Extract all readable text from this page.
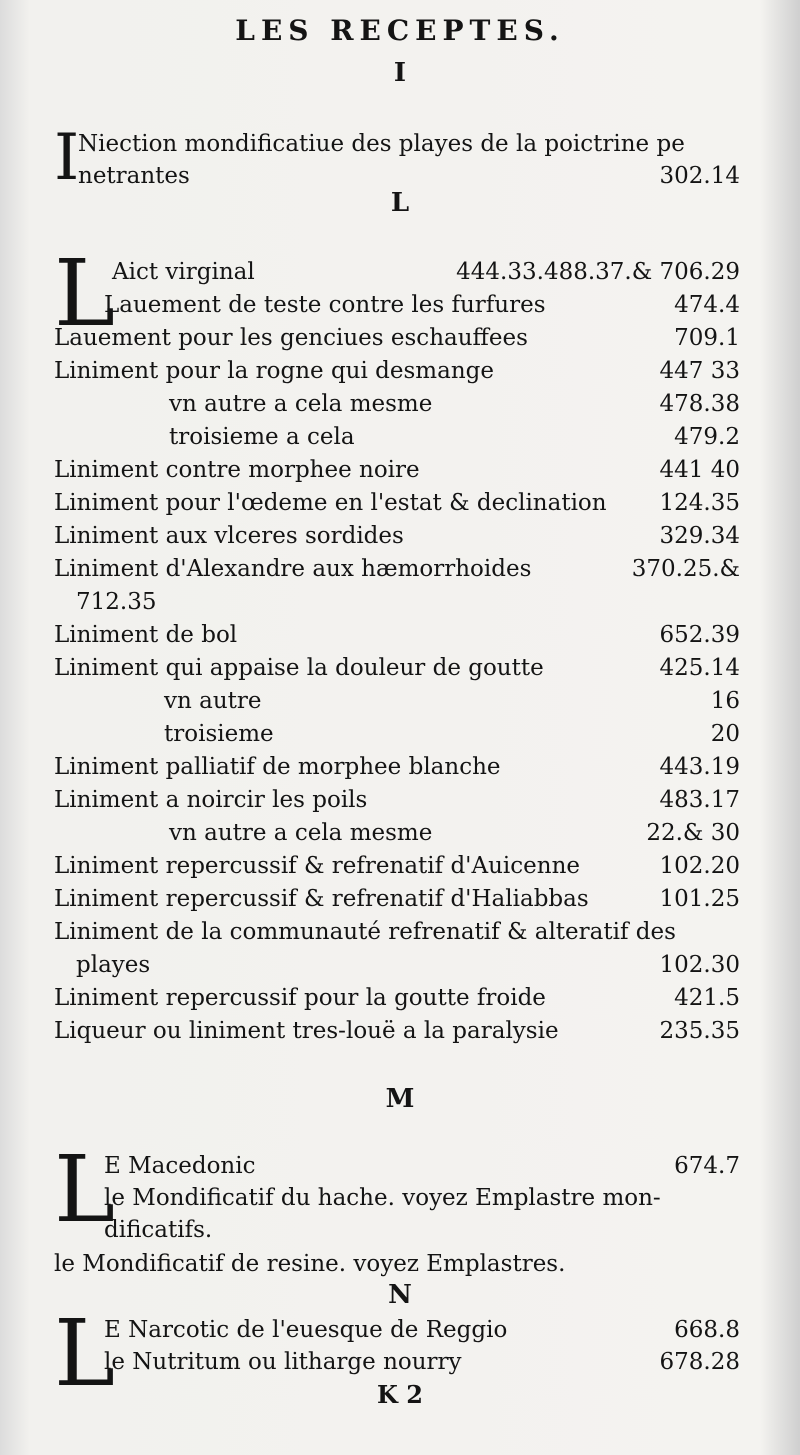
LES RECEPTES.
I
I
Niection mondificatiue des playes de la poictrine pe
netrantes	302.14
L
L
Aict virginal	444.33.488.37.& 706.29
Lauement de teste contre les furfures	474.4
Lauement pour les genciues eschauffees	709.1
Liniment pour la rogne qui desmange	447 33
vn autre a cela mesme	478.38
troisieme a cela	479.2
Liniment contre morphee noire	441 40
Liniment pour l'œdeme en l'estat & declination 124.35
Liniment aux vlceres sordides	329.34
Liniment d'Alexandre aux hæmorrhoides	370.25.&
712.35
Liniment de bol	652.39
Liniment qui appaise la douleur de goutte	425.14
vn autre	16
troisieme	20
Liniment palliatif de morphee blanche	443.19
Liniment a noircir les poils	483.17
vn autre a cela mesme	22.& 30
Liniment repercussif & refrenatif d'Auicenne	102.20
Liniment repercussif & refrenatif d'Haliabbas	101.25
Liniment de la communauté refrenatif & alteratif des
playes	102.30
Liniment repercussif pour la goutte froide	421.5
Liqueur ou liniment tres-louë a la paralysie	235.35
M
L
E Macedonic	674.7
le Mondificatif du hache. voyez Emplastre mon-
dificatifs.
le Mondificatif de resine. voyez Emplastres.
N
L
E Narcotic de l'euesque de Reggio	668.8
le Nutritum ou litharge nourry	678.28
K 2
